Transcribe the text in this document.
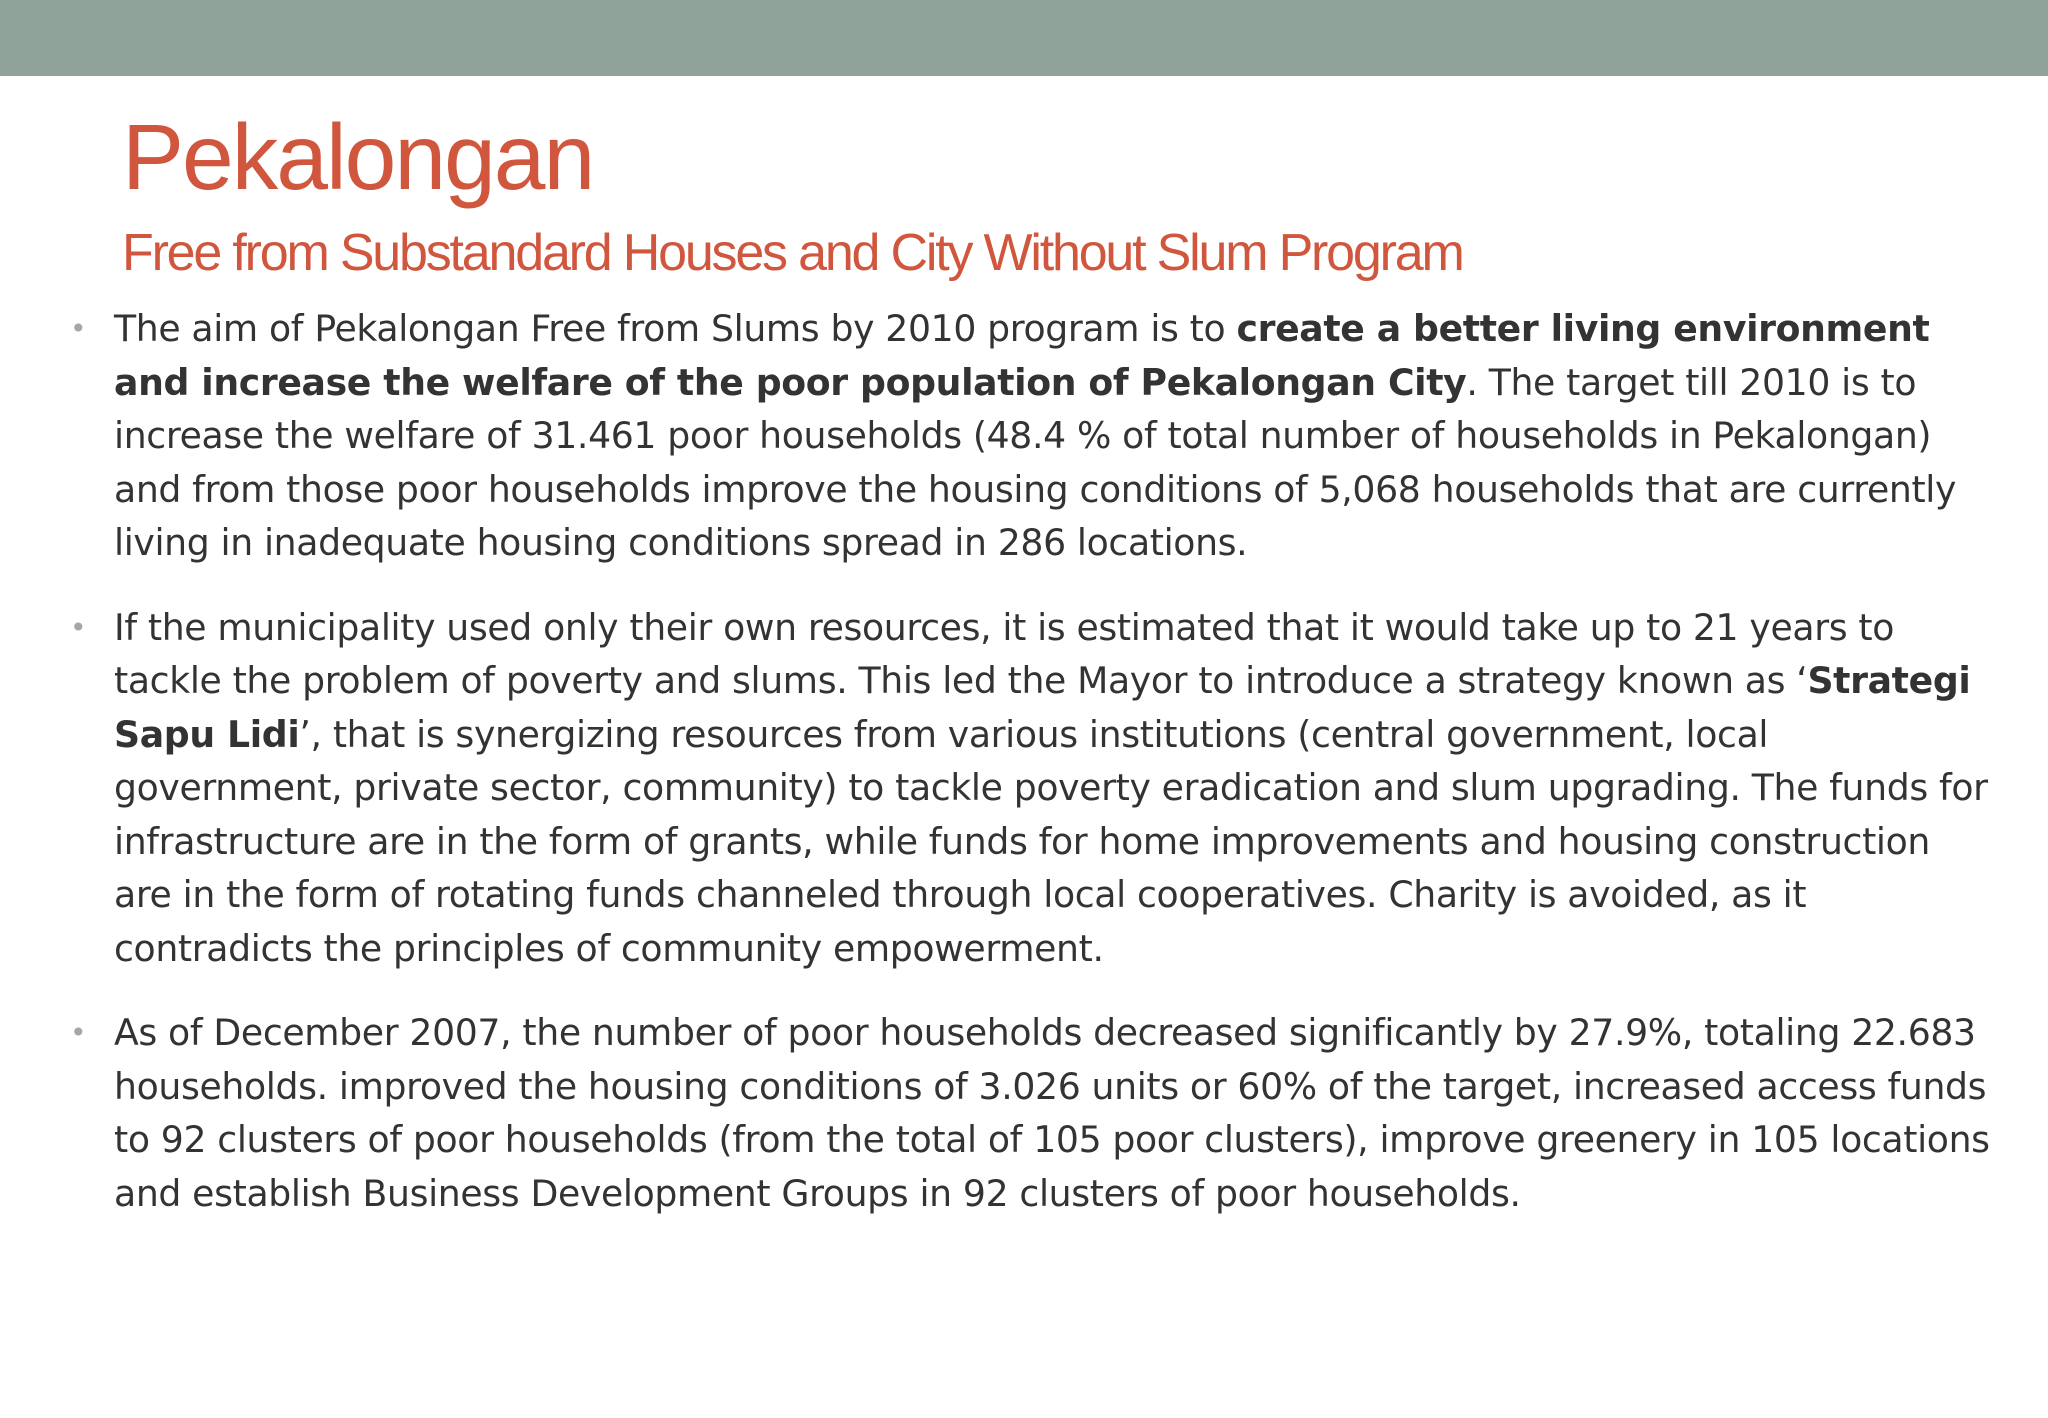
Pekalongan
Free from Substandard Houses and City Without Slum Program
• The aim of Pekalongan Free from Slums by 2010 program is to create a better living environment and increase the welfare of the poor population of Pekalongan City. The target till 2010 is to increase the welfare of 31.461 poor households (48.4 % of total number of households in Pekalongan) and from those poor households improve the housing conditions of 5,068 households that are currently living in inadequate housing conditions spread in 286 locations.
• If the municipality used only their own resources, it is estimated that it would take up to 21 years to tackle the problem of poverty and slums. This led the Mayor to introduce a strategy known as ‘Strategi Sapu Lidi’, that is synergizing resources from various institutions (central government, local government, private sector, community) to tackle poverty eradication and slum upgrading. The funds for infrastructure are in the form of grants, while funds for home improvements and housing construction are in the form of rotating funds channeled through local cooperatives. Charity is avoided, as it contradicts the principles of community empowerment.
• As of December 2007, the number of poor households decreased significantly by 27.9%, totaling 22.683 households. improved the housing conditions of 3.026 units or 60% of the target, increased access funds to 92 clusters of poor households (from the total of 105 poor clusters), improve greenery in 105 locations and establish Business Development Groups in 92 clusters of poor households.
